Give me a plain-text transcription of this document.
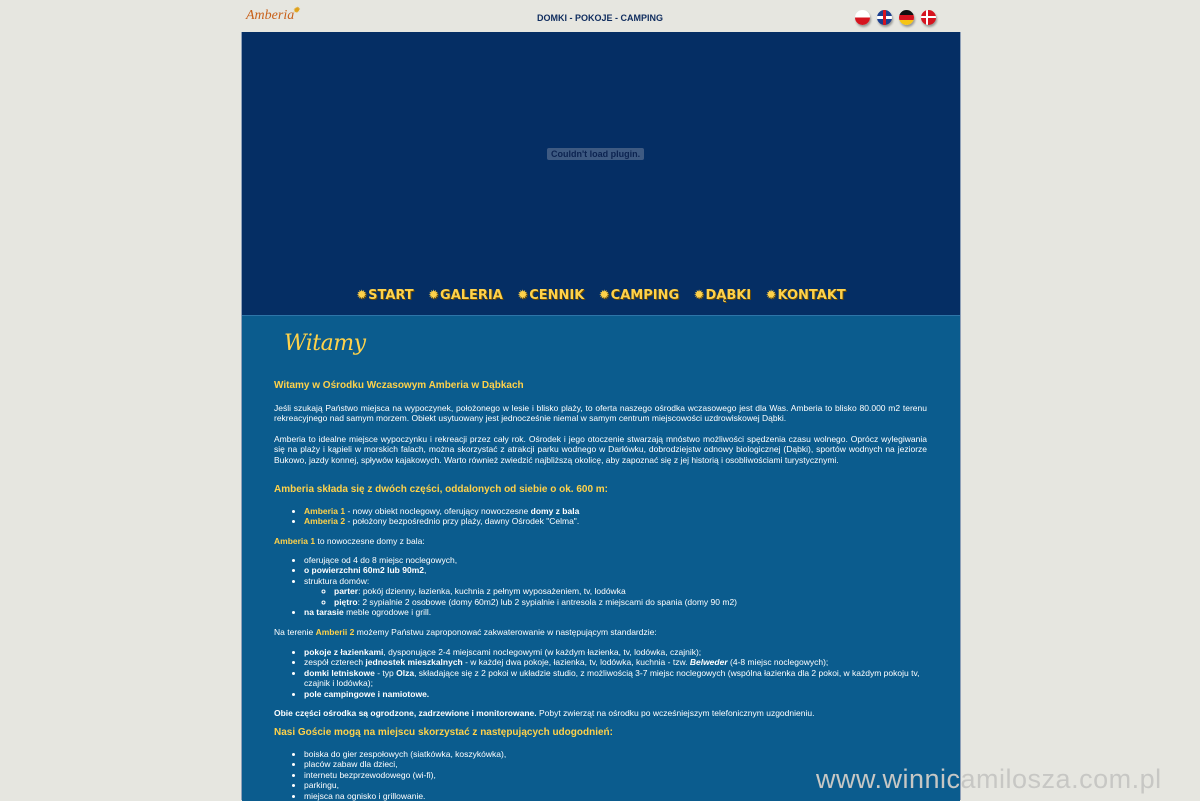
Amberia✹
DOMKI - POKOJE - CAMPING
Couldn't load plugin.
✹START ✹GALERIA ✹CENNIK ✹CAMPING ✹DĄBKI ✹KONTAKT
Witamy
Witamy w Ośrodku Wczasowym Amberia w Dąbkach

Jeśli szukają Państwo miejsca na wypoczynek, położonego w lesie i blisko plaży, to oferta naszego ośrodka wczasowego jest dla Was. Amberia to blisko 80.000 m2 terenu rekreacyjnego nad samym morzem. Obiekt usytuowany jest jednocześnie niemal w samym centrum miejscowości uzdrowiskowej Dąbki.

Amberia to idealne miejsce wypoczynku i rekreacji przez cały rok. Ośrodek i jego otoczenie stwarzają mnóstwo możliwości spędzenia czasu wolnego. Oprócz wylegiwania się na plaży i kąpieli w morskich falach, można skorzystać z atrakcji parku wodnego w Darłówku, dobrodziejstw odnowy biologicznej (Dąbki), sportów wodnych na jeziorze Bukowo, jazdy konnej, spływów kajakowych. Warto również zwiedzić najbliższą okolicę, aby zapoznać się z jej historią i osobliwościami turystycznymi.

Amberia składa się z dwóch części, oddalonych od siebie o ok. 600 m:
• Amberia 1 - nowy obiekt noclegowy, oferujący nowoczesne domy z bala
• Amberia 2 - położony bezpośrednio przy plaży, dawny Ośrodek "Celma".
Amberia 1 to nowoczesne domy z bala:
• oferujące od 4 do 8 miejsc noclegowych,
• o powierzchni 60m2 lub 90m2,
• struktura domów:
◦ parter: pokój dzienny, łazienka, kuchnia z pełnym wyposażeniem, tv, lodówka
◦ piętro: 2 sypialnie 2 osobowe (domy 60m2) lub 2 sypialnie i antresola z miejscami do spania (domy 90 m2)
• na tarasie meble ogrodowe i grill.
Na terenie Amberii 2 możemy Państwu zaproponować zakwaterowanie w następującym standardzie:
• pokoje z łazienkami, dysponujące 2-4 miejscami noclegowymi (w każdym łazienka, tv, lodówka, czajnik);
• zespół czterech jednostek mieszkalnych - w każdej dwa pokoje, łazienka, tv, lodówka, kuchnia - tzw. Belweder (4-8 miejsc noclegowych);
• domki letniskowe - typ Olza, składające się z 2 pokoi w układzie studio, z możliwością 3-7 miejsc noclegowych (wspólna łazienka dla 2 pokoi, w każdym pokoju tv, czajnik i lodówka);
• pole campingowe i namiotowe.
Obie części ośrodka są ogrodzone, zadrzewione i monitorowane. Pobyt zwierząt na ośrodku po wcześniejszym telefonicznym uzgodnieniu.
Nasi Goście mogą na miejscu skorzystać z następujących udogodnień:
• boiska do gier zespołowych (siatkówka, koszykówka),
• placów zabaw dla dzieci,
• internetu bezprzewodowego (wi-fi),
• parkingu,
• miejsca na ognisko i grillowanie.
www.winnicamilosza.com.pl
